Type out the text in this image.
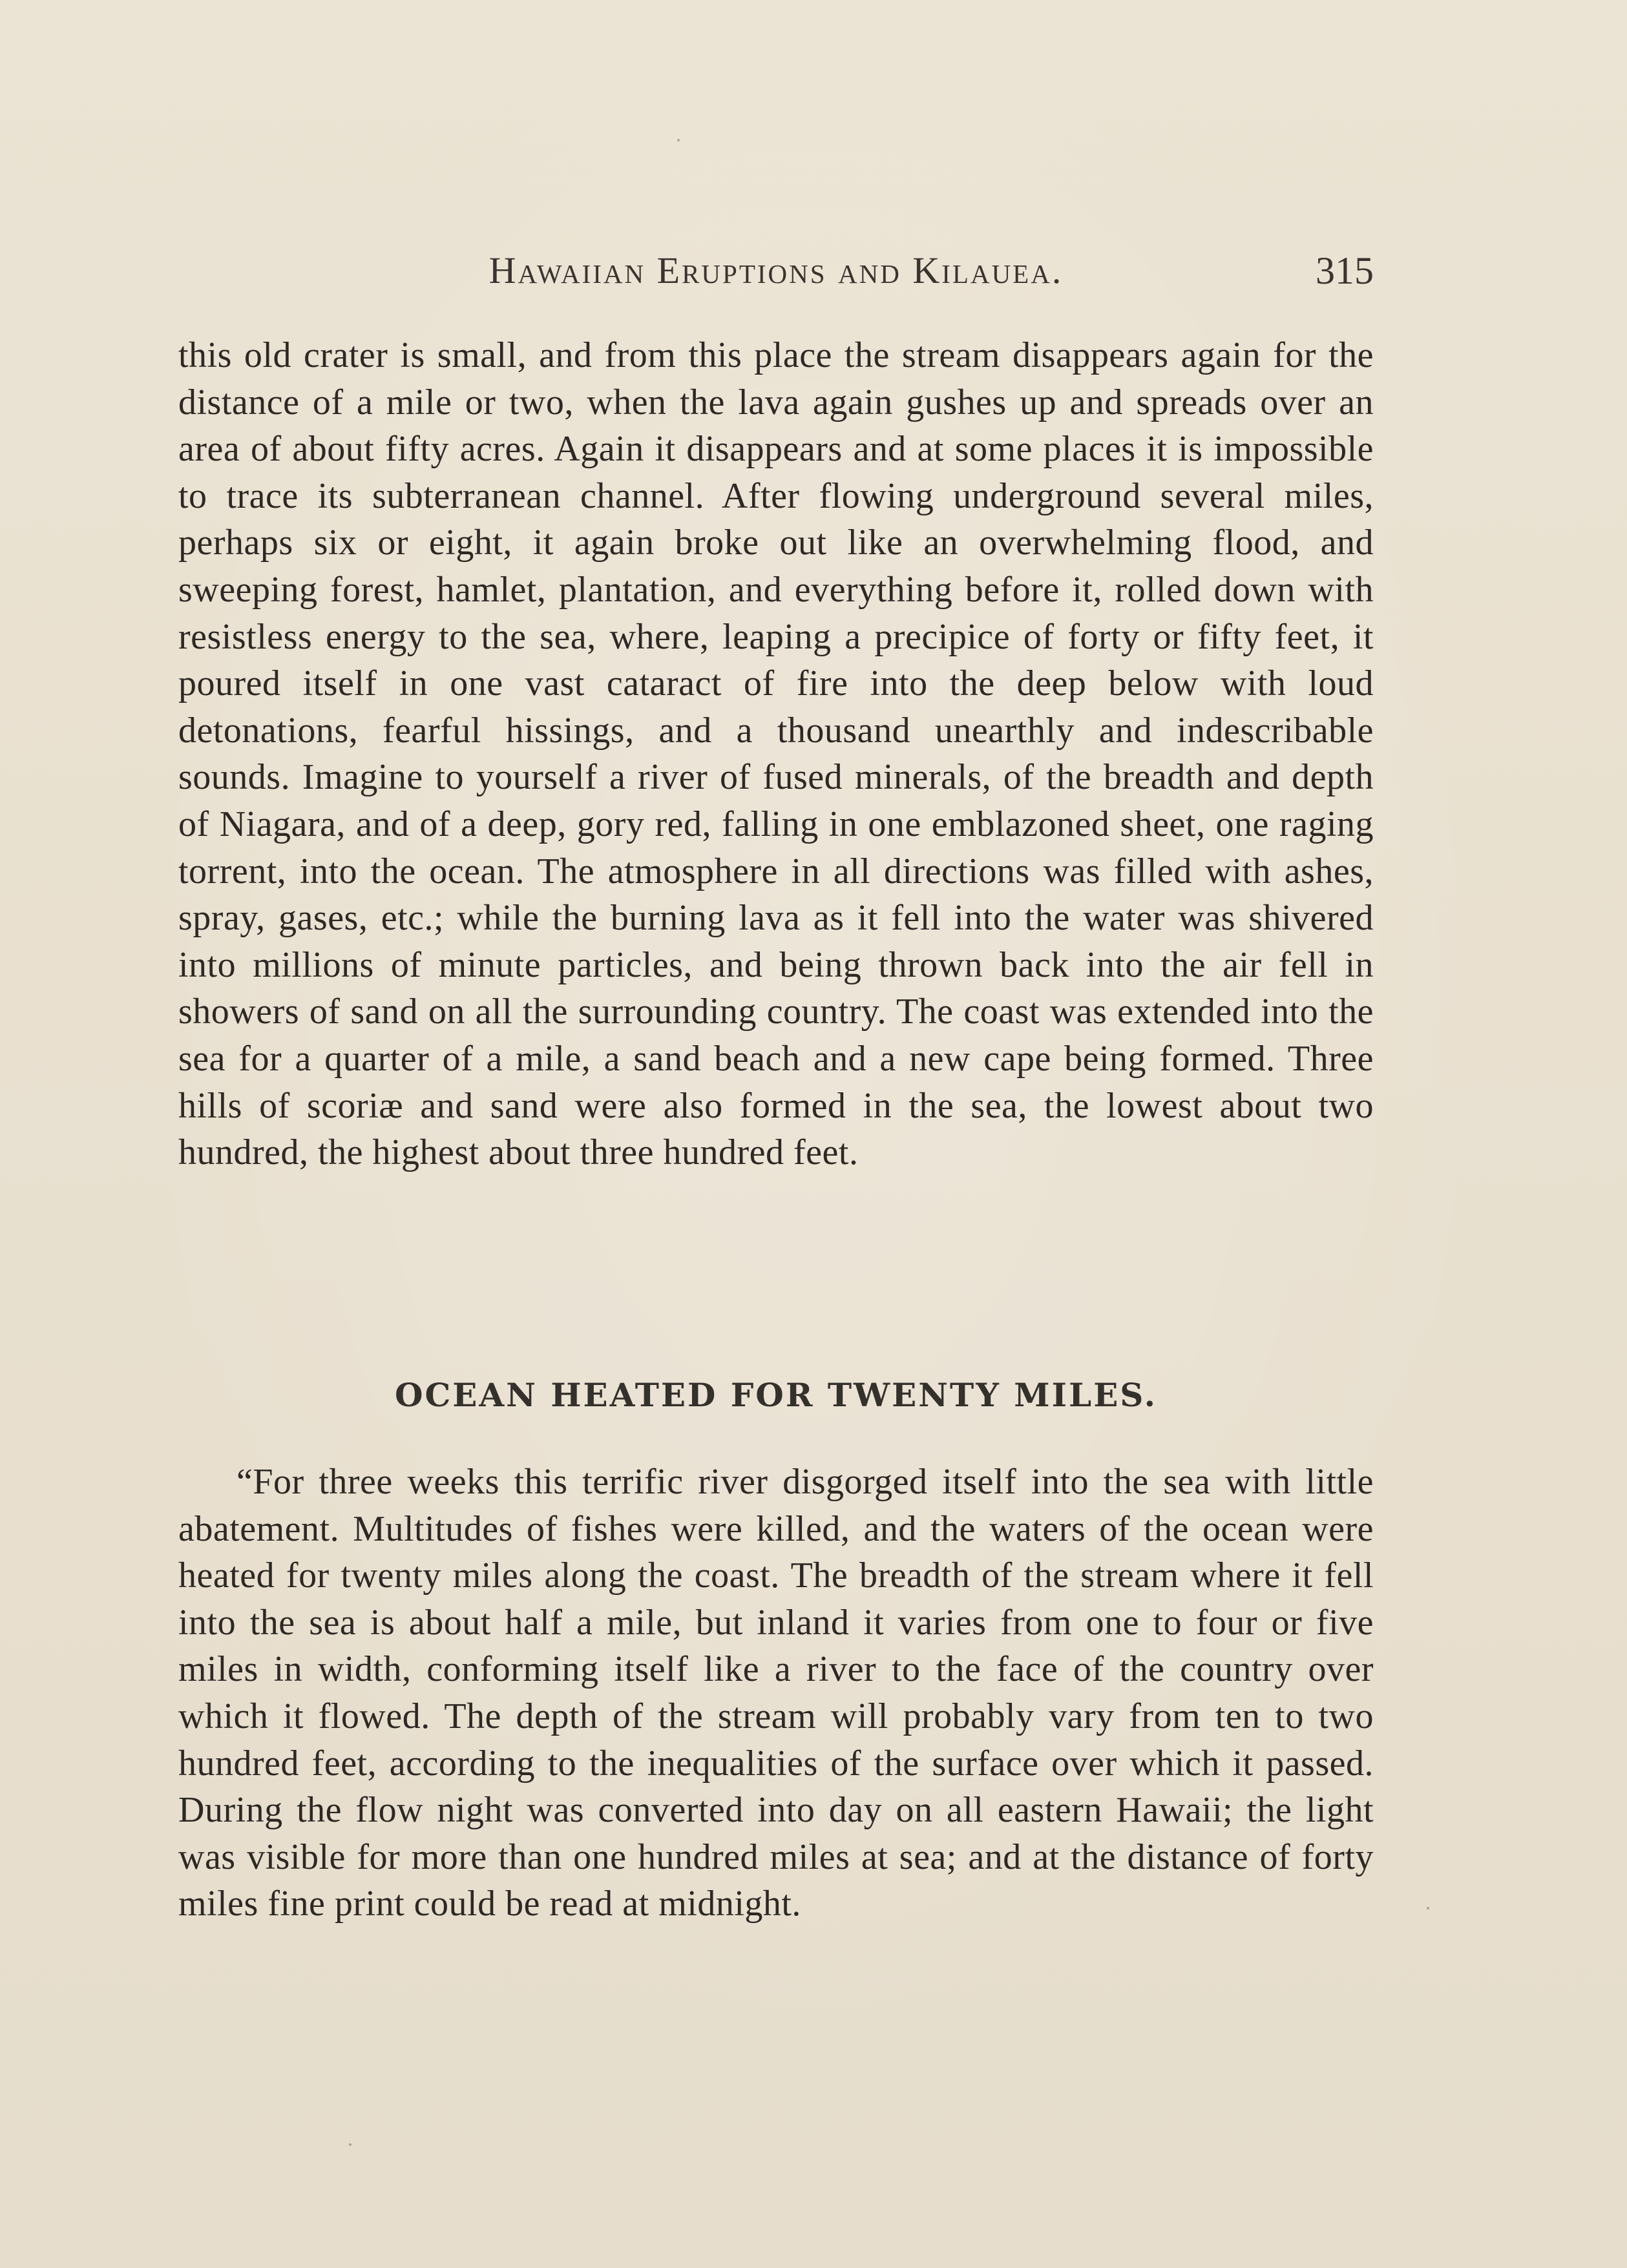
Hawaiian Eruptions and Kilauea.	315

this old crater is small, and from this place the stream disappears again for the distance of a mile or two, when the lava again gushes up and spreads over an area of about fifty acres. Again it disappears and at some places it is impossible to trace its subterranean channel. After flowing underground several miles, perhaps six or eight, it again broke out like an overwhelming flood, and sweeping forest, hamlet, plantation, and everything before it, rolled down with resistless energy to the sea, where, leaping a precipice of forty or fifty feet, it poured itself in one vast cataract of fire into the deep below with loud detonations, fearful hissings, and a thousand unearthly and indescribable sounds. Imagine to yourself a river of fused minerals, of the breadth and depth of Niagara, and of a deep, gory red, falling in one emblazoned sheet, one raging torrent, into the ocean. The atmosphere in all directions was filled with ashes, spray, gases, etc.; while the burning lava as it fell into the water was shivered into millions of minute particles, and being thrown back into the air fell in showers of sand on all the surrounding country. The coast was extended into the sea for a quarter of a mile, a sand beach and a new cape being formed. Three hills of scoriæ and sand were also formed in the sea, the lowest about two hundred, the highest about three hundred feet.

OCEAN HEATED FOR TWENTY MILES.

“For three weeks this terrific river disgorged itself into the sea with little abatement. Multitudes of fishes were killed, and the waters of the ocean were heated for twenty miles along the coast. The breadth of the stream where it fell into the sea is about half a mile, but inland it varies from one to four or five miles in width, conforming itself like a river to the face of the country over which it flowed. The depth of the stream will probably vary from ten to two hundred feet, according to the inequalities of the surface over which it passed. During the flow night was converted into day on all eastern Hawaii; the light was visible for more than one hundred miles at sea; and at the distance of forty miles fine print could be read at midnight.
